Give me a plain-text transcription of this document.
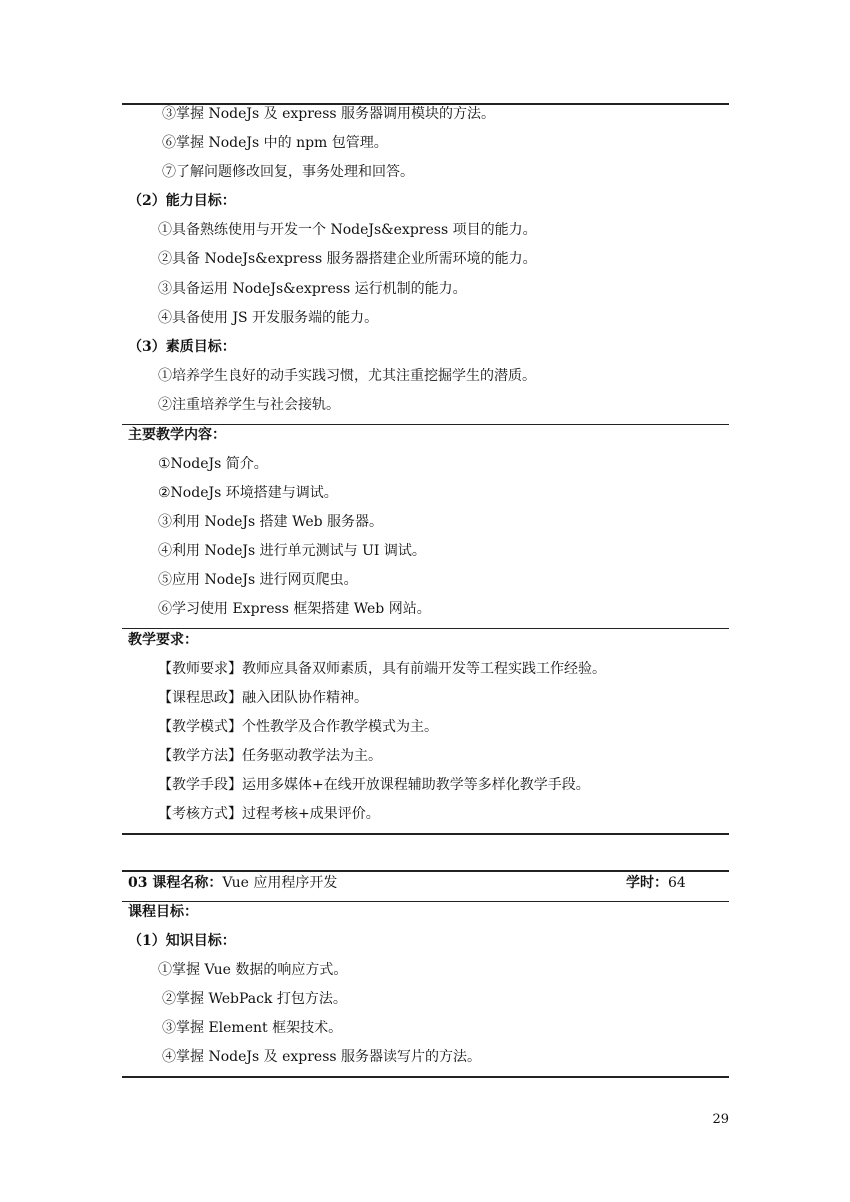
③掌握 NodeJs 及 express 服务器调用模块的方法。
⑥掌握 NodeJs 中的 npm 包管理。
⑦了解问题修改回复，事务处理和回答。
（2）能力目标：
①具备熟练使用与开发一个 NodeJs&express 项目的能力。
②具备 NodeJs&express 服务器搭建企业所需环境的能力。
③具备运用 NodeJs&express 运行机制的能力。
④具备使用 JS 开发服务端的能力。
（3）素质目标：
①培养学生良好的动手实践习惯，尤其注重挖掘学生的潜质。
②注重培养学生与社会接轨。
主要教学内容：
①NodeJs 简介。
②NodeJs 环境搭建与调试。
③利用 NodeJs 搭建 Web 服务器。
④利用 NodeJs 进行单元测试与 UI 调试。
⑤应用 NodeJs 进行网页爬虫。
⑥学习使用 Express 框架搭建 Web 网站。
教学要求：
【教师要求】教师应具备双师素质，具有前端开发等工程实践工作经验。
【课程思政】融入团队协作精神。
【教学模式】个性教学及合作教学模式为主。
【教学方法】任务驱动教学法为主。
【教学手段】运用多媒体+在线开放课程辅助教学等多样化教学手段。
【考核方式】过程考核+成果评价。
03 课程名称：Vue 应用程序开发	学时：64
课程目标：
（1）知识目标：
①掌握 Vue 数据的响应方式。
②掌握 WebPack 打包方法。
③掌握 Element 框架技术。
④掌握 NodeJs 及 express 服务器读写片的方法。
29
